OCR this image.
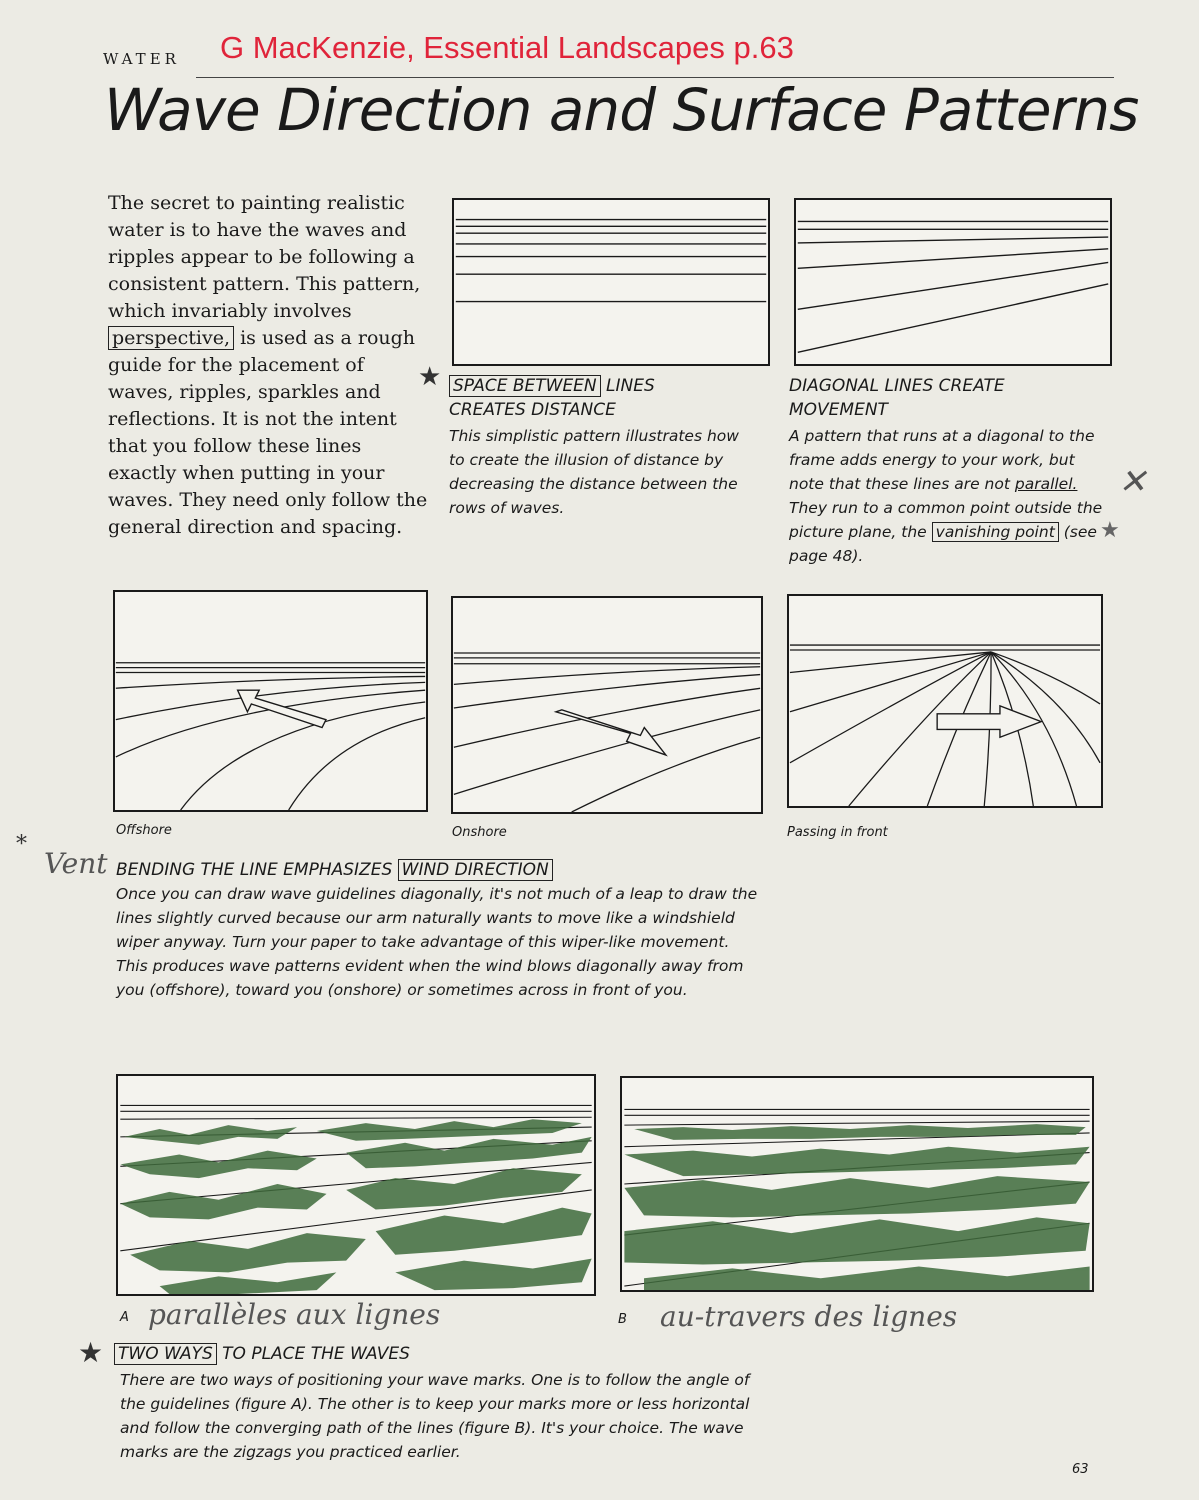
WATER G MacKenzie, Essential Landscapes p.63
Wave Direction and Surface Patterns
The secret to painting realistic water is to have the waves and ripples appear to be following a consistent pattern. This pattern, which invariably involves perspective, is used as a rough guide for the placement of waves, ripples, sparkles and reflections. It is not the intent that you follow these lines exactly when putting in your waves. They need only follow the general direction and spacing.
★ SPACE BETWEEN LINES
CREATES DISTANCE
This simplistic pattern illustrates how to create the illusion of distance by decreasing the distance between the rows of waves.
DIAGONAL LINES CREATE MOVEMENT
A pattern that runs at a diagonal to the frame adds energy to your work, but note that these lines are not parallel. They run to a common point outside the picture plane, the vanishing point (see page 48).
✕
★
Offshore	Onshore	Passing in front
*
Vent BENDING THE LINE EMPHASIZES WIND DIRECTION
Once you can draw wave guidelines diagonally, it's not much of a leap to draw the lines slightly curved because our arm naturally wants to move like a windshield wiper anyway. Turn your paper to take advantage of this wiper-like movement. This produces wave patterns evident when the wind blows diagonally away from you (offshore), toward you (onshore) or sometimes across in front of you.
A parallèles aux lignes	B au-travers des lignes
★ TWO WAYS TO PLACE THE WAVES
There are two ways of positioning your wave marks. One is to follow the angle of the guidelines (figure A). The other is to keep your marks more or less horizontal and follow the converging path of the lines (figure B). It's your choice. The wave marks are the zigzags you practiced earlier.
63
